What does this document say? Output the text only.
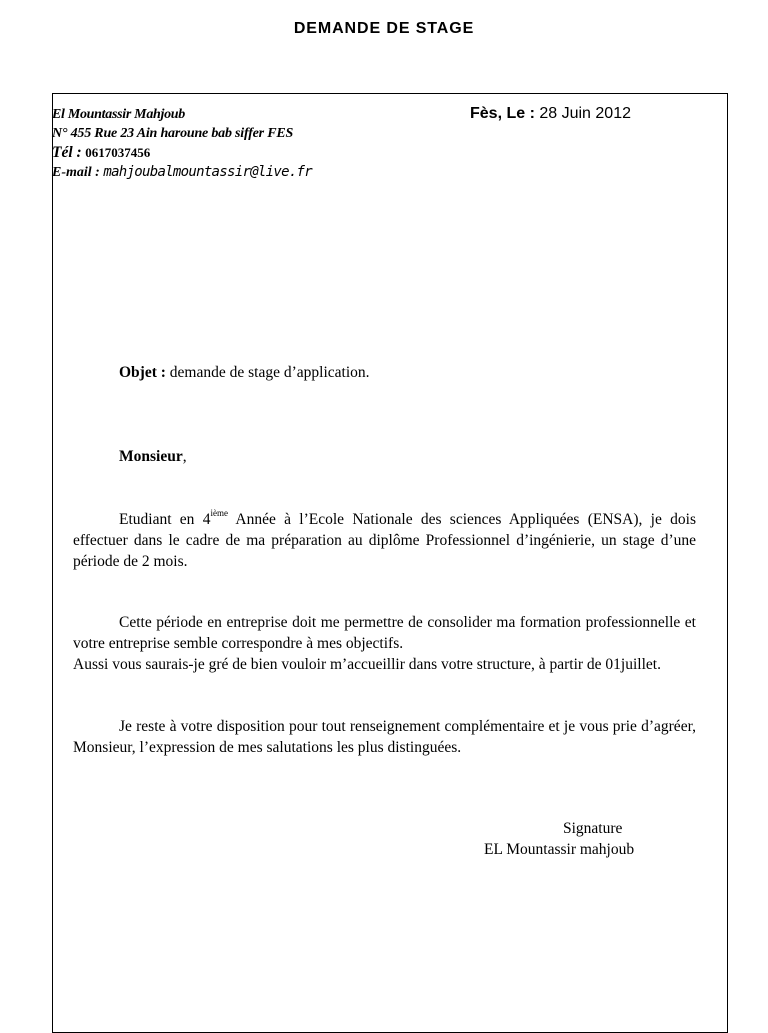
DEMANDE DE STAGE
El Mountassir Mahjoub
N° 455 Rue 23 Ain haroune bab siffer FES
Tél : 0617037456
E-mail : mahjoubalmountassir@live.fr
Fès, Le : 28 Juin 2012
Objet : demande de stage d’application.
Monsieur,

Etudiant en 4ième Année à l’Ecole Nationale des sciences Appliquées (ENSA), je dois effectuer dans le cadre de ma préparation au diplôme Professionnel d’ingénierie, un stage d’une période de 2 mois.

Cette période en entreprise doit me permettre de consolider ma formation professionnelle et votre entreprise semble correspondre à mes objectifs.

Aussi vous saurais-je gré de bien vouloir m’accueillir dans votre structure, à partir de 01juillet.

Je reste à votre disposition pour tout renseignement complémentaire et je vous prie d’agréer, Monsieur, l’expression de mes salutations les plus distinguées.

Signature
EL Mountassir mahjoub
